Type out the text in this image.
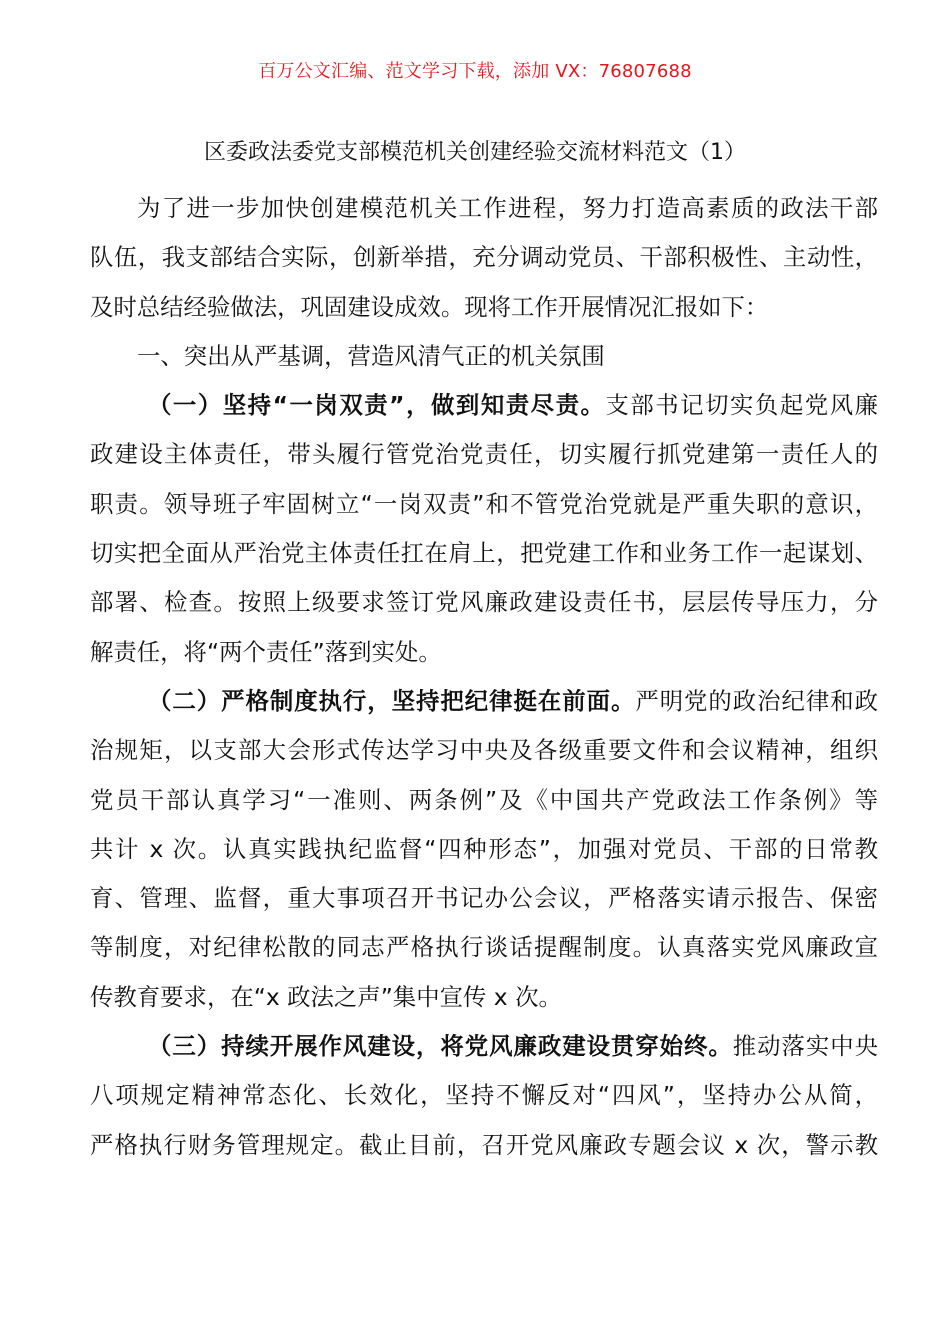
百万公文汇编、范文学习下载，添加 VX：76807688
区委政法委党支部模范机关创建经验交流材料范文（1）
为了进一步加快创建模范机关工作进程，努力打造高素质的政法干部
队伍，我支部结合实际，创新举措，充分调动党员、干部积极性、主动性，
及时总结经验做法，巩固建设成效。现将工作开展情况汇报如下：
一、突出从严基调，营造风清气正的机关氛围
（一）坚持“一岗双责”，做到知责尽责。支部书记切实负起党风廉
政建设主体责任，带头履行管党治党责任，切实履行抓党建第一责任人的
职责。领导班子牢固树立“一岗双责”和不管党治党就是严重失职的意识，
切实把全面从严治党主体责任扛在肩上，把党建工作和业务工作一起谋划、
部署、检查。按照上级要求签订党风廉政建设责任书，层层传导压力，分
解责任，将“两个责任”落到实处。
（二）严格制度执行，坚持把纪律挺在前面。严明党的政治纪律和政
治规矩，以支部大会形式传达学习中央及各级重要文件和会议精神，组织
党员干部认真学习“一准则、两条例”及《中国共产党政法工作条例》等
共计 x 次。认真实践执纪监督“四种形态”，加强对党员、干部的日常教
育、管理、监督，重大事项召开书记办公会议，严格落实请示报告、保密
等制度，对纪律松散的同志严格执行谈话提醒制度。认真落实党风廉政宣
传教育要求，在“x 政法之声”集中宣传 x 次。
（三）持续开展作风建设，将党风廉政建设贯穿始终。推动落实中央
八项规定精神常态化、长效化，坚持不懈反对“四风”，坚持办公从简，
严格执行财务管理规定。截止目前，召开党风廉政专题会议 x 次，警示教
